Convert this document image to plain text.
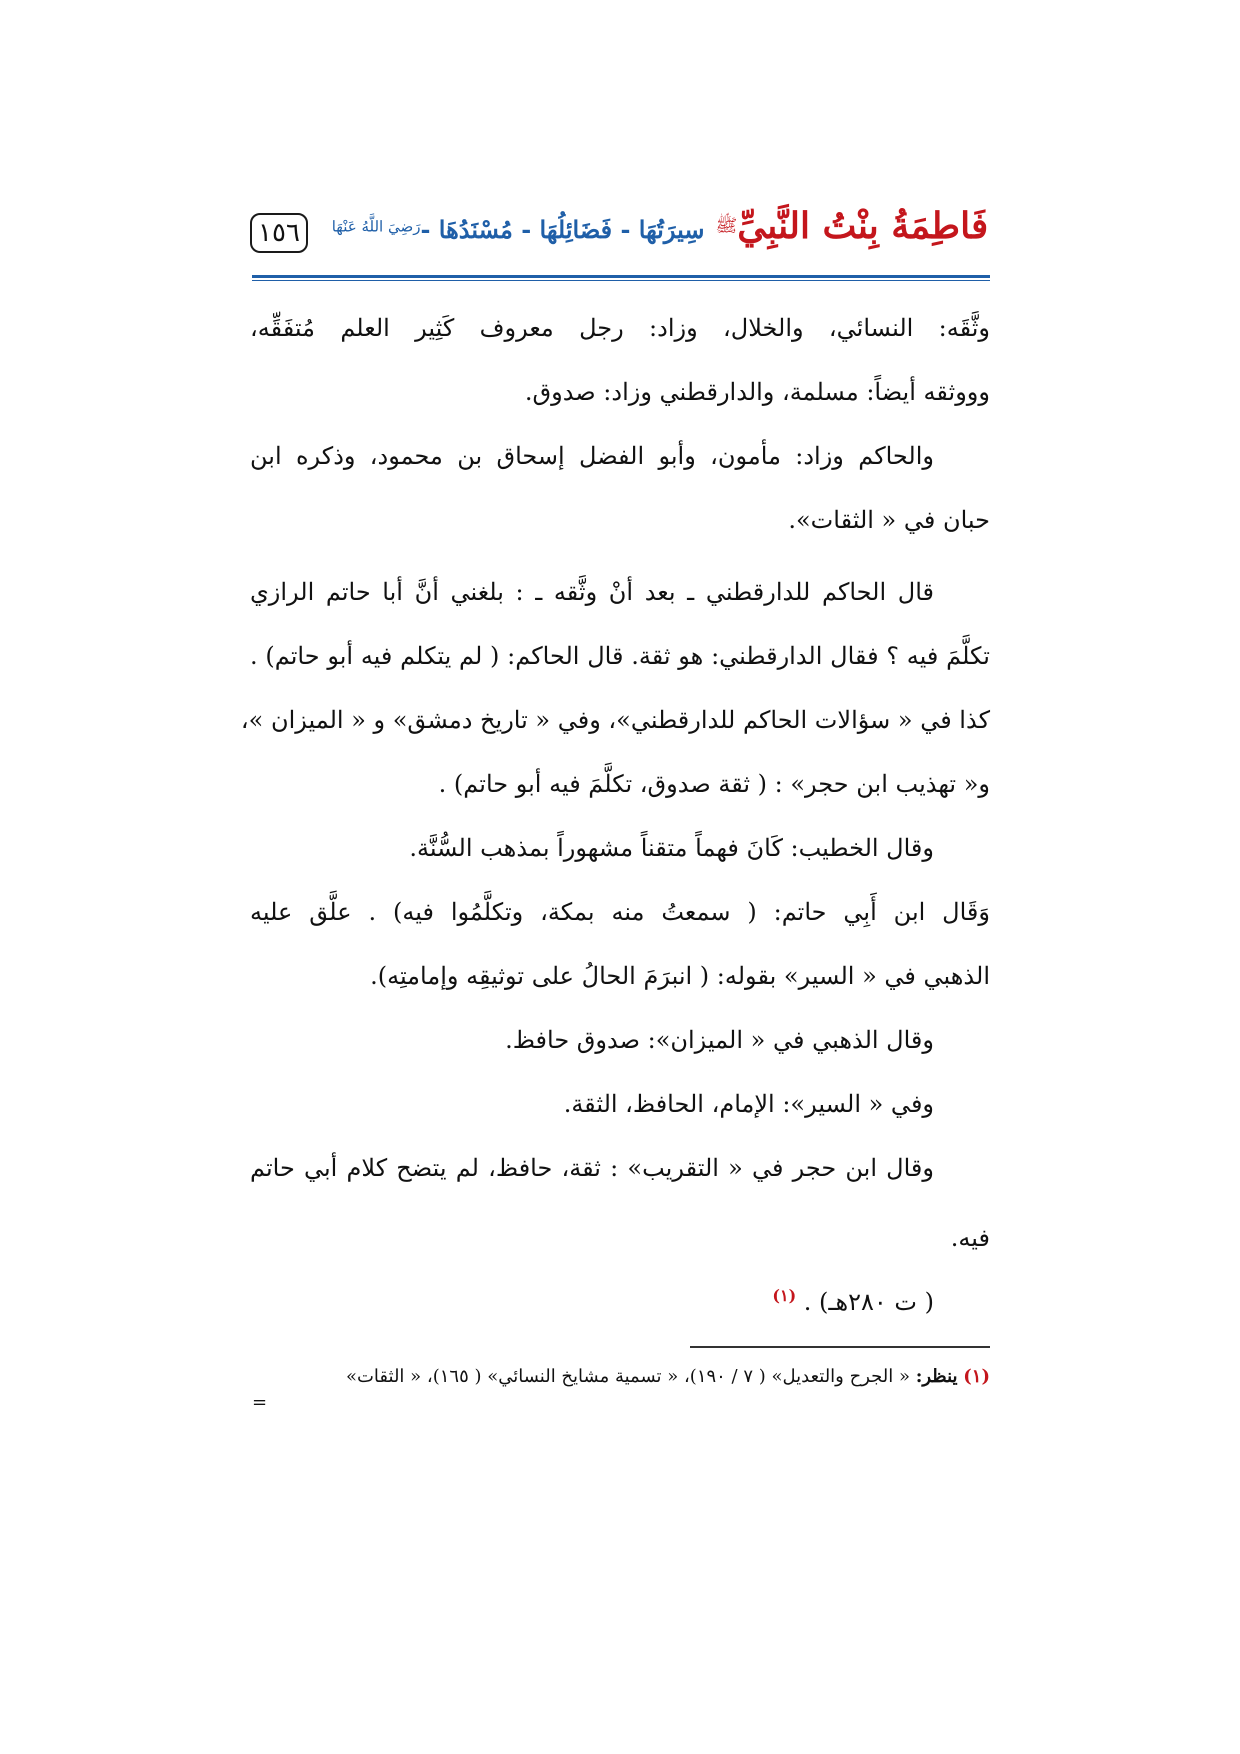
١٥٦	فَاطِمَةُ بِنْتُ النَّبِيِّﷺ سِيرَتُهَا - فَضَائِلُهَا - مُسْنَدُهَا -رَضِيَ اللَّهُ عَنْهَا
وثَّقَه: النسائي، والخلال، وزاد: رجل معروف كَثِير العلم مُتفَقِّه،
وووثقه أيضاً: مسلمة، والدارقطني وزاد: صدوق.
والحاكم وزاد: مأمون، وأبو الفضل إسحاق بن محمود، وذكره ابن
حبان في « الثقات».
قال الحاكم للدارقطني ـ بعد أنْ وثَّقه ـ : بلغني أنَّ أبا حاتم الرازي
تكلَّمَ فيه ؟ فقال الدارقطني: هو ثقة. قال الحاكم: ( لم يتكلم فيه أبو حاتم) .
كذا في « سؤالات الحاكم للدارقطني»، وفي « تاريخ دمشق» و « الميزان »،
و« تهذيب ابن حجر» : ( ثقة صدوق، تكلَّمَ فيه أبو حاتم) .
وقال الخطيب: كَانَ فهماً متقناً مشهوراً بمذهب السُّنَّة.
وَقَال ابن أَبِي حاتم: ( سمعتُ منه بمكة، وتكلَّمُوا فيه) . علَّق عليه
الذهبي في « السير» بقوله: ( انبرَمَ الحالُ على توثيقِه وإمامتِه).
وقال الذهبي في « الميزان»: صدوق حافظ.
وفي « السير»: الإمام، الحافظ، الثقة.
وقال ابن حجر في « التقريب» : ثقة، حافظ، لم يتضح كلام أبي حاتم
فيه.
( ت ٢٨٠هـ) . $^{(١)}$
(١) ينظر: « الجرح والتعديل» ( ٧ / ١٩٠)، « تسمية مشايخ النسائي» ( ١٦٥)، « الثقات»
=
